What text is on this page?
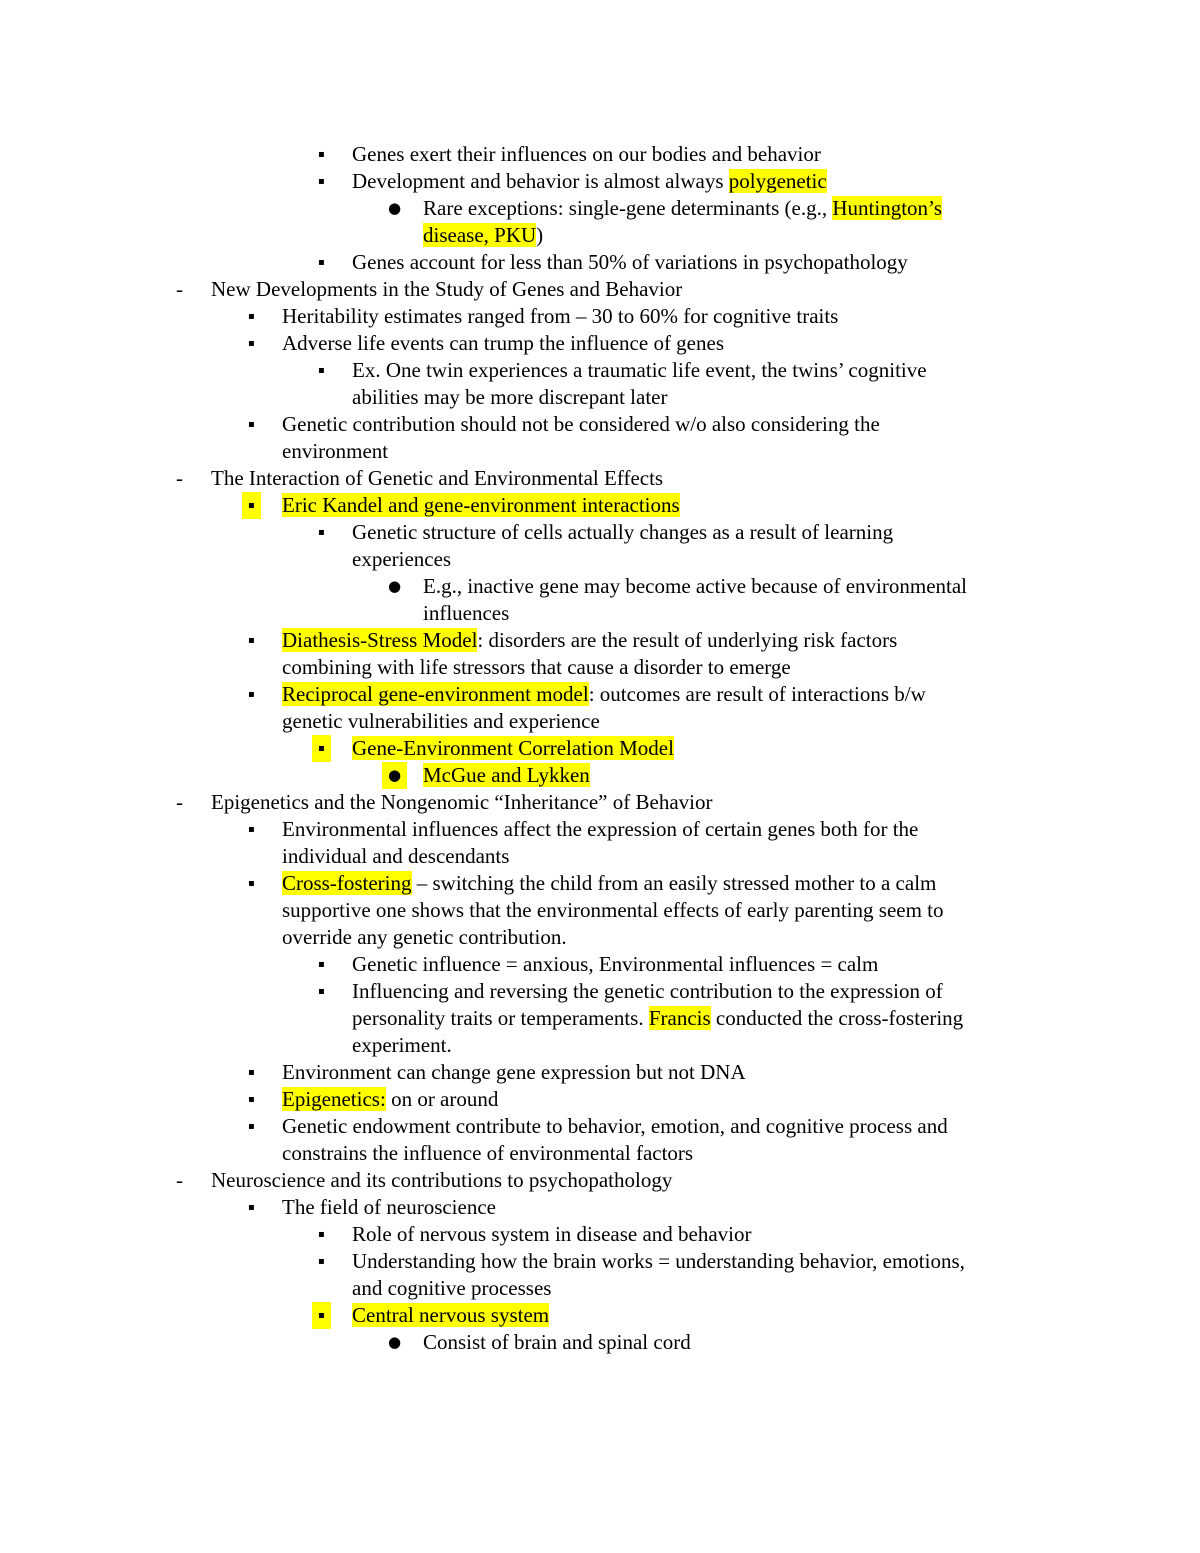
▪ Genes exert their influences on our bodies and behavior
▪ Development and behavior is almost always polygenetic
● Rare exceptions: single-gene determinants (e.g., Huntington’s
disease, PKU)
▪ Genes account for less than 50% of variations in psychopathology
- New Developments in the Study of Genes and Behavior
▪ Heritability estimates ranged from – 30 to 60% for cognitive traits
▪ Adverse life events can trump the influence of genes
▪ Ex. One twin experiences a traumatic life event, the twins’ cognitive
abilities may be more discrepant later
▪ Genetic contribution should not be considered w/o also considering the
environment
- The Interaction of Genetic and Environmental Effects
▪ Eric Kandel and gene-environment interactions
▪ Genetic structure of cells actually changes as a result of learning
experiences
● E.g., inactive gene may become active because of environmental
influences
▪ Diathesis-Stress Model: disorders are the result of underlying risk factors
combining with life stressors that cause a disorder to emerge
▪ Reciprocal gene-environment model: outcomes are result of interactions b/w
genetic vulnerabilities and experience
▪ Gene-Environment Correlation Model
● McGue and Lykken
- Epigenetics and the Nongenomic “Inheritance” of Behavior
▪ Environmental influences affect the expression of certain genes both for the
individual and descendants
▪ Cross-fostering – switching the child from an easily stressed mother to a calm
supportive one shows that the environmental effects of early parenting seem to
override any genetic contribution.
▪ Genetic influence = anxious, Environmental influences = calm
▪ Influencing and reversing the genetic contribution to the expression of
personality traits or temperaments. Francis conducted the cross-fostering
experiment.
▪ Environment can change gene expression but not DNA
▪ Epigenetics: on or around
▪ Genetic endowment contribute to behavior, emotion, and cognitive process and
constrains the influence of environmental factors
- Neuroscience and its contributions to psychopathology
▪ The field of neuroscience
▪ Role of nervous system in disease and behavior
▪ Understanding how the brain works = understanding behavior, emotions,
and cognitive processes
▪ Central nervous system
● Consist of brain and spinal cord
